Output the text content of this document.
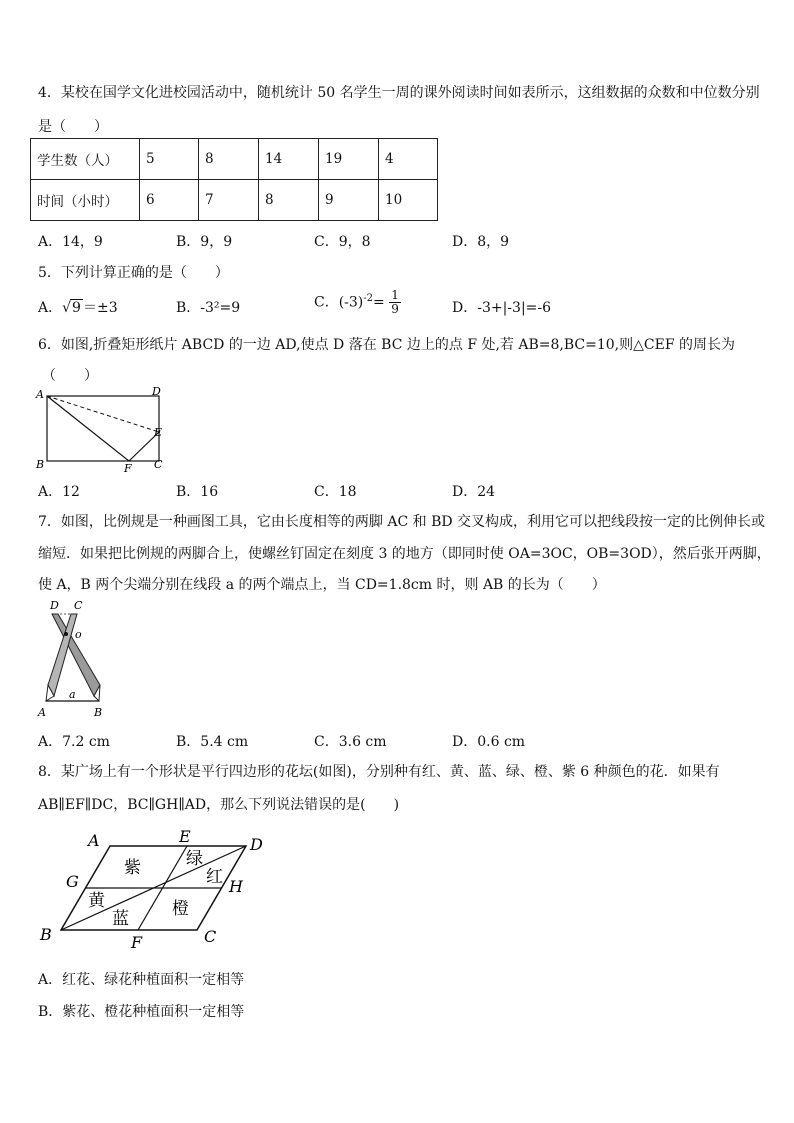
4．某校在国学文化进校园活动中，随机统计 50 名学生一周的课外阅读时间如表所示，这组数据的众数和中位数分别
是（　　）
学生数（人）	5	8	14	19	4
时间（小时）	6	7	8	9	10
A．14，9	B．9，9	C．9，8	D．8，9
5．下列计算正确的是（　　）
A．√9 ＝±3	B．-3²=9	C．$(-3)^{-2}= \frac{1}{9}$	D．-3+|-3|=-6
6．如图,折叠矩形纸片 ABCD 的一边 AD,使点 D 落在 BC 边上的点 F 处,若 AB=8,BC=10,则△CEF 的周长为
（　　）
A
B	C
D
E
F
A．12	B．16	C．18	D．24
7．如图，比例规是一种画图工具，它由长度相等的两脚 AC 和 BD 交叉构成，利用它可以把线段按一定的比例伸长或
缩短．如果把比例规的两脚合上，使螺丝钉固定在刻度 3 的地方（即同时使 OA=3OC，OB=3OD），然后张开两脚，
使 A，B 两个尖端分别在线段 a 的两个端点上，当 CD=1.8cm 时，则 AB 的长为（　　）
D C
o
a
A	B
A．7.2 cm	B．5.4 cm	C．3.6 cm	D．0.6 cm
8．某广场上有一个形状是平行四边形的花坛(如图)，分别种有红、黄、蓝、绿、橙、紫 6 种颜色的花．如果有
AB∥EF∥DC，BC∥GH∥AD，那么下列说法错误的是(　　)
A
B	C
D
E
F
G	H
紫	绿
红
黄
蓝	橙
A．红花、绿花种植面积一定相等
B．紫花、橙花种植面积一定相等
